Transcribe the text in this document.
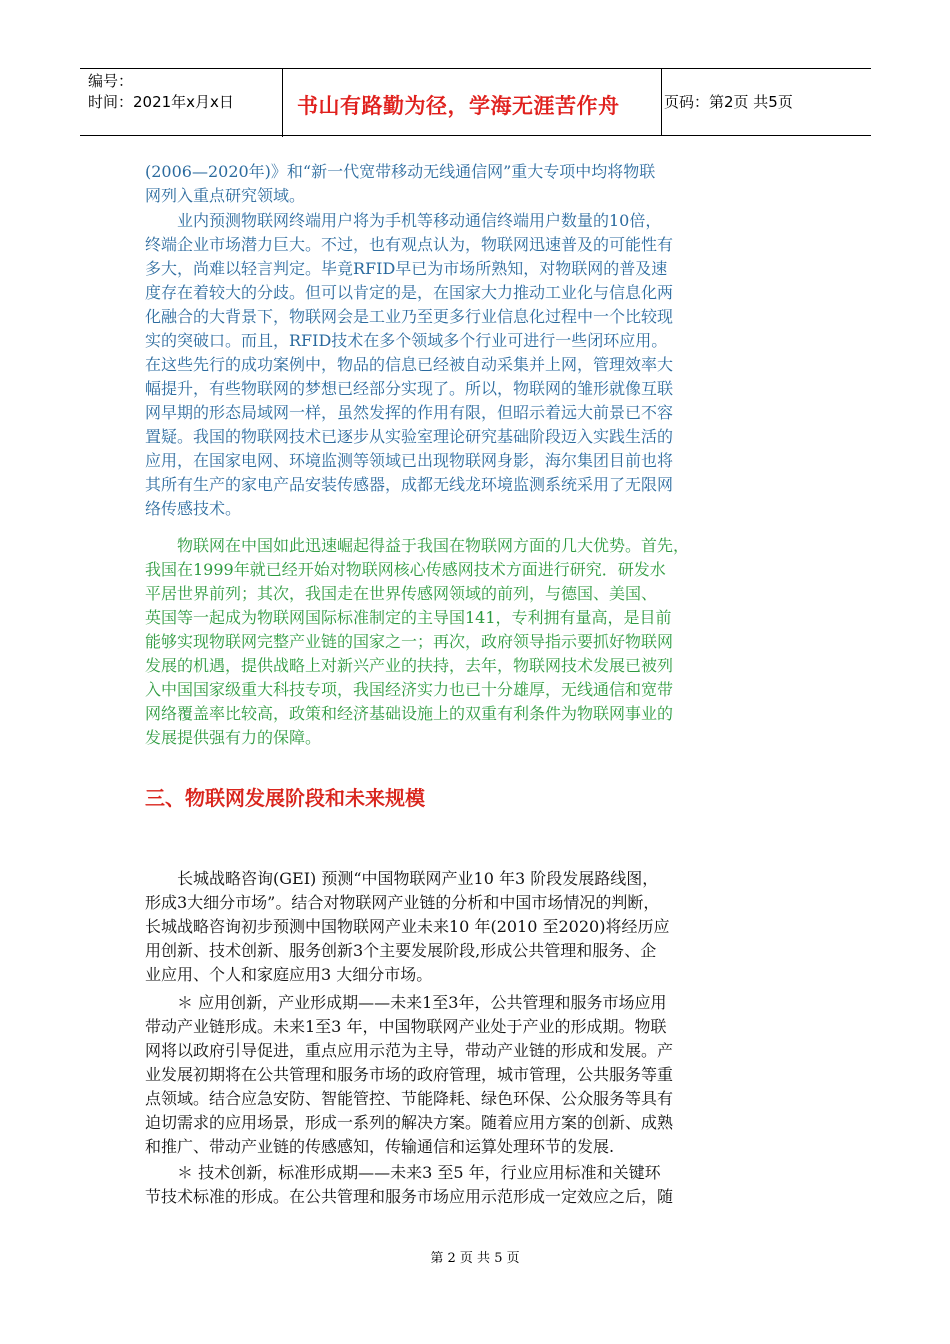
编号：
时间：2021年x月x日	书山有路勤为径，学海无涯苦作舟	页码：第2页 共5页
(2006—2020年)》和“新一代宽带移动无线通信网”重大专项中均将物联
网列入重点研究领域。
　　业内预测物联网终端用户将为手机等移动通信终端用户数量的10倍，
终端企业市场潜力巨大。不过，也有观点认为，物联网迅速普及的可能性有
多大，尚难以轻言判定。毕竟RFID早已为市场所熟知，对物联网的普及速
度存在着较大的分歧。但可以肯定的是，在国家大力推动工业化与信息化两
化融合的大背景下，物联网会是工业乃至更多行业信息化过程中一个比较现
实的突破口。而且，RFID技术在多个领域多个行业可进行一些闭环应用。
在这些先行的成功案例中，物品的信息已经被自动采集并上网，管理效率大
幅提升，有些物联网的梦想已经部分实现了。所以，物联网的雏形就像互联
网早期的形态局域网一样，虽然发挥的作用有限，但昭示着远大前景已不容
置疑。我国的物联网技术已逐步从实验室理论研究基础阶段迈入实践生活的
应用，在国家电网、环境监测等领域已出现物联网身影，海尔集团目前也将
其所有生产的家电产品安装传感器，成都无线龙环境监测系统采用了无限网
络传感技术。
　　物联网在中国如此迅速崛起得益于我国在物联网方面的几大优势。首先，
我国在1999年就已经开始对物联网核心传感网技术方面进行研究．研发水
平居世界前列；其次，我国走在世界传感网领域的前列，与德国、美国、
英国等一起成为物联网国际标准制定的主导国141，专利拥有量高，是目前
能够实现物联网完整产业链的国家之一；再次，政府领导指示要抓好物联网
发展的机遇，提供战略上对新兴产业的扶持，去年，物联网技术发展已被列
入中国国家级重大科技专项，我国经济实力也已十分雄厚，无线通信和宽带
网络覆盖率比较高，政策和经济基础设施上的双重有利条件为物联网事业的
发展提供强有力的保障。
三、物联网发展阶段和未来规模
　　长城战略咨询(GEI) 预测“中国物联网产业10 年3 阶段发展路线图，
形成3大细分市场”。结合对物联网产业链的分析和中国市场情况的判断，
长城战略咨询初步预测中国物联网产业未来10 年(2010 至2020)将经历应
用创新、技术创新、服务创新3个主要发展阶段,形成公共管理和服务、企
业应用、个人和家庭应用3 大细分市场。
　　＊ 应用创新，产业形成期——未来1至3年，公共管理和服务市场应用
带动产业链形成。未来1至3 年，中国物联网产业处于产业的形成期。物联
网将以政府引导促进，重点应用示范为主导，带动产业链的形成和发展。产
业发展初期将在公共管理和服务市场的政府管理，城市管理，公共服务等重
点领域。结合应急安防、智能管控、节能降耗、绿色环保、公众服务等具有
迫切需求的应用场景，形成一系列的解决方案。随着应用方案的创新、成熟
和推广、带动产业链的传感感知，传输通信和运算处理环节的发展.
　　＊ 技术创新，标准形成期——未来3 至5 年，行业应用标准和关键环
节技术标准的形成。在公共管理和服务市场应用示范形成一定效应之后，随
第 2 页 共 5 页
